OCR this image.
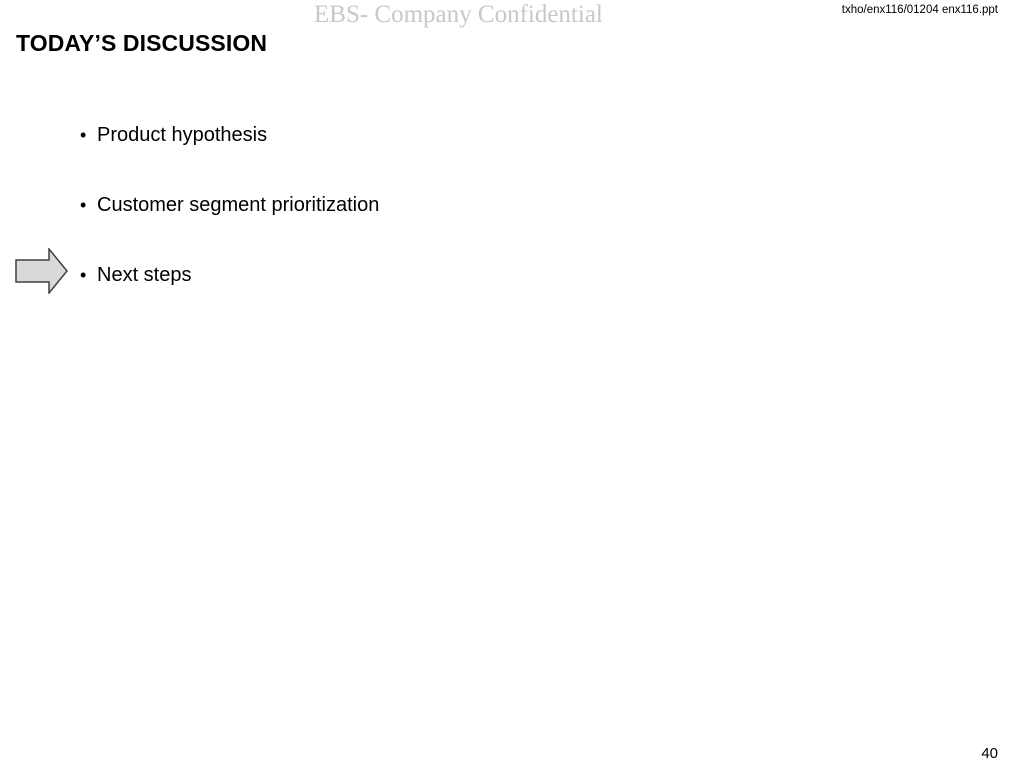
EBS- Company Confidential	txho/enx116/01204 enx116.ppt
TODAY’S DISCUSSION
• Product hypothesis
• Customer segment prioritization
• Next steps
40
